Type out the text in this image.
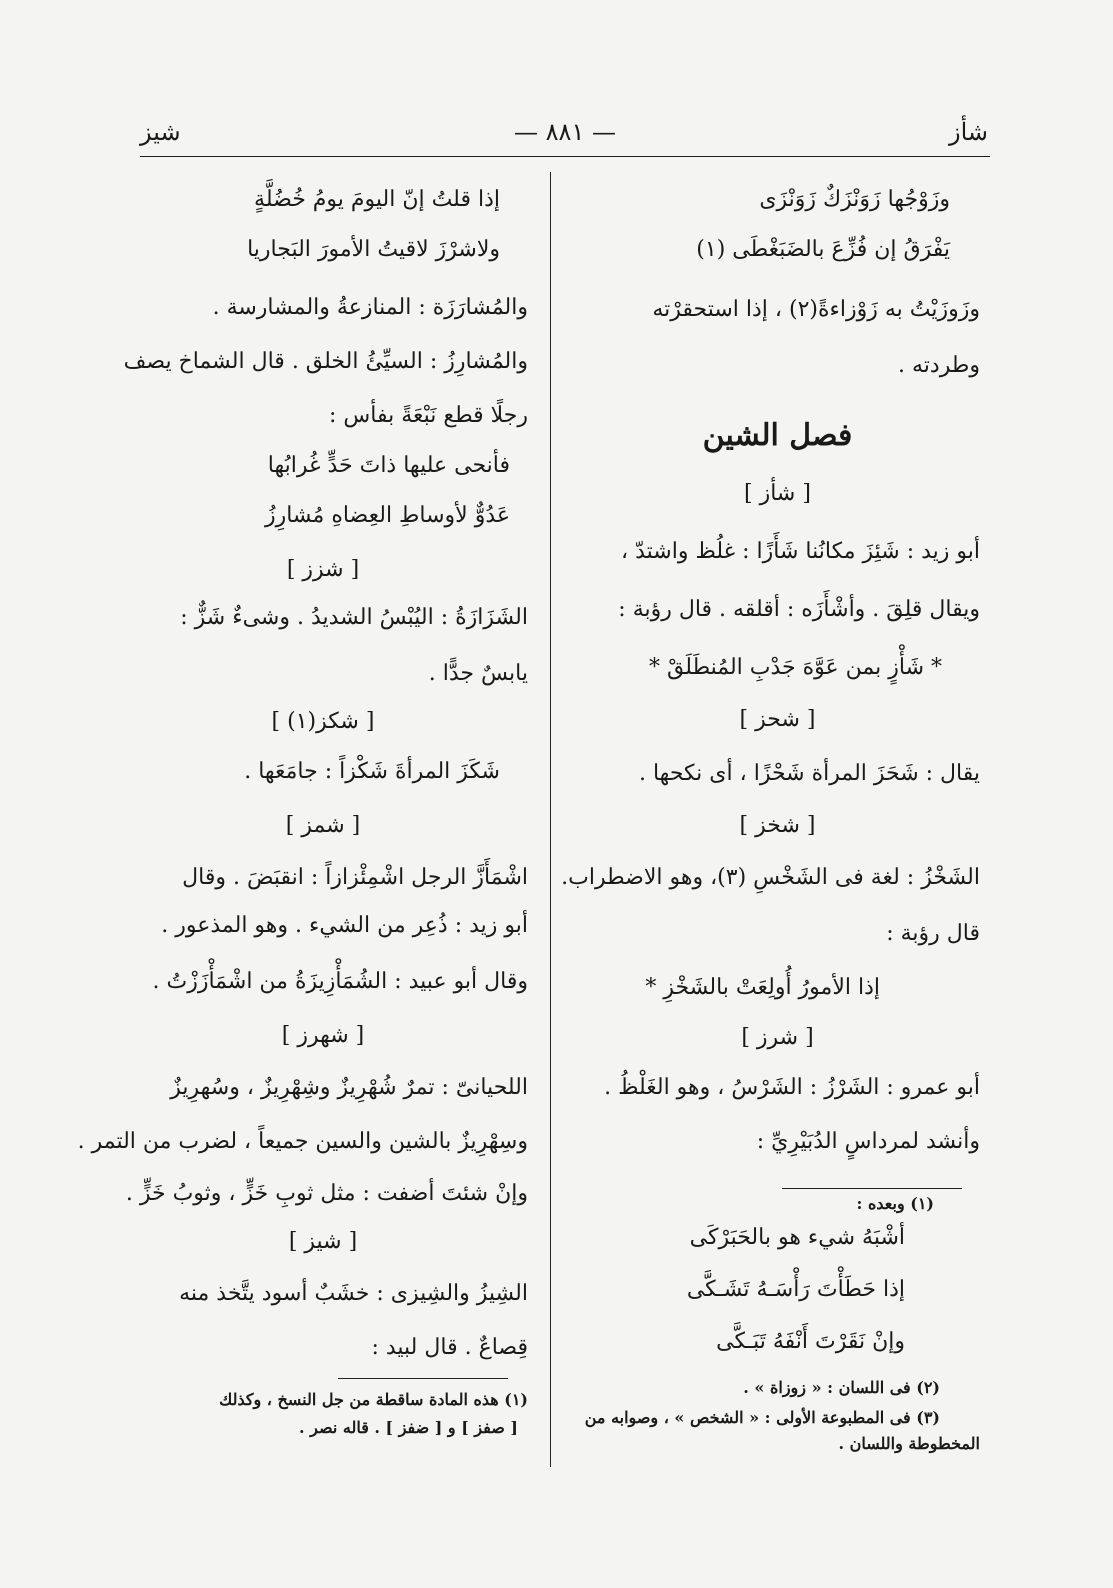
شأز
— ٨٨١ —
شيز
وزَوْجُها زَوَنْزَكٌ زَوَنْزَى
يَفْرَقُ إن فُزِّعَ بالضَبَغْطَى (١)
وزَوزَيْتُ به زَوْزاءةً(٢) ، إذا استحقرْته
وطردته .
فصل الشين
[ شأز ]
أبو زيد : شَئِزَ مكانُنا شَأَزًا : غلُظ واشتدّ ،
ويقال قلِقَ . وأشْأَزَه : أقلقه . قال رؤبة :
* شَأْزٍ بمن عَوَّهَ جَدْبِ المُنطَلَقْ *
[ شحز ]
يقال : شَحَزَ المرأة شَحْزًا ، أى نكحها .
[ شخز ]
الشَخْزُ : لغة فى الشَخْسِ (٣)، وهو الاضطراب.
قال رؤبة :
إذا الأمورُ أُولِعَتْ بالشَخْزِ *
[ شرز ]
أبو عمرو : الشَرْزُ : الشَرْسُ ، وهو الغَلْظُ .
وأنشد لمرداسٍ الدُبَيْرِيِّ :
(١) وبعده :
أشْبَهُ شيء هو بالحَبَرْكَى
إذا حَطَأْتَ رَأْسَـهُ تَشَـكَّى
وإنْ نَقَرْتَ أَنْفَهُ تَبَـكَّى
(٢) فى اللسان : « زوزاة » .
(٣) فى المطبوعة الأولى : « الشخص » ، وصوابه من
المخطوطة واللسان .
إذا قلتُ إنّ اليومَ يومُ خُضُلَّةٍ
ولاشرْزَ لاقيتُ الأمورَ البَجاريا
والمُشارَزَة : المنازعةُ والمشارسة .
والمُشارِزُ : السيِّئُ الخلق . قال الشماخ يصف
رجلًا قطع نَبْعَةً بفأس :
فأنحى عليها ذاتَ حَدٍّ غُرابُها
عَدُوٌّ لأوساطِ العِضاهِ مُشارِزُ
[ شزز ]
الشَزَازَةُ : اليُبْسُ الشديدُ . وشىءٌ شَزٌّ :
يابسٌ جدًّا .
[ شكز(١) ]
شَكَزَ المرأةَ شَكْزاً : جامَعَها .
[ شمز ]
اشْمَأَزَّ الرجل اشْمِئْزازاً : انقبَضَ . وقال
أبو زيد : ذُعِر من الشيء . وهو المذعور .
وقال أبو عبيد : الشُمَأْزِيزَةُ من اشْمَأْزَزْتُ .
[ شهرز ]
اللحيانىّ : تمرٌ شُهْرِيزٌ وشِهْرِيزٌ ، وسُهرِيزٌ
وسِهْرِيزٌ بالشين والسين جميعاً ، لضرب من التمر .
وإنْ شئتَ أضفت : مثل ثوبِ خَزٍّ ، وثوبُ خَزٍّ .
[ شيز ]
الشِيزُ والشِيزى : خشَبٌ أسود يتَّخذ منه
قِصاعٌ . قال لبيد :
(١) هذه المادة ساقطة من جل النسخ ، وكذلك
[ صفز ] و [ ضفز ] . قاله نصر .
